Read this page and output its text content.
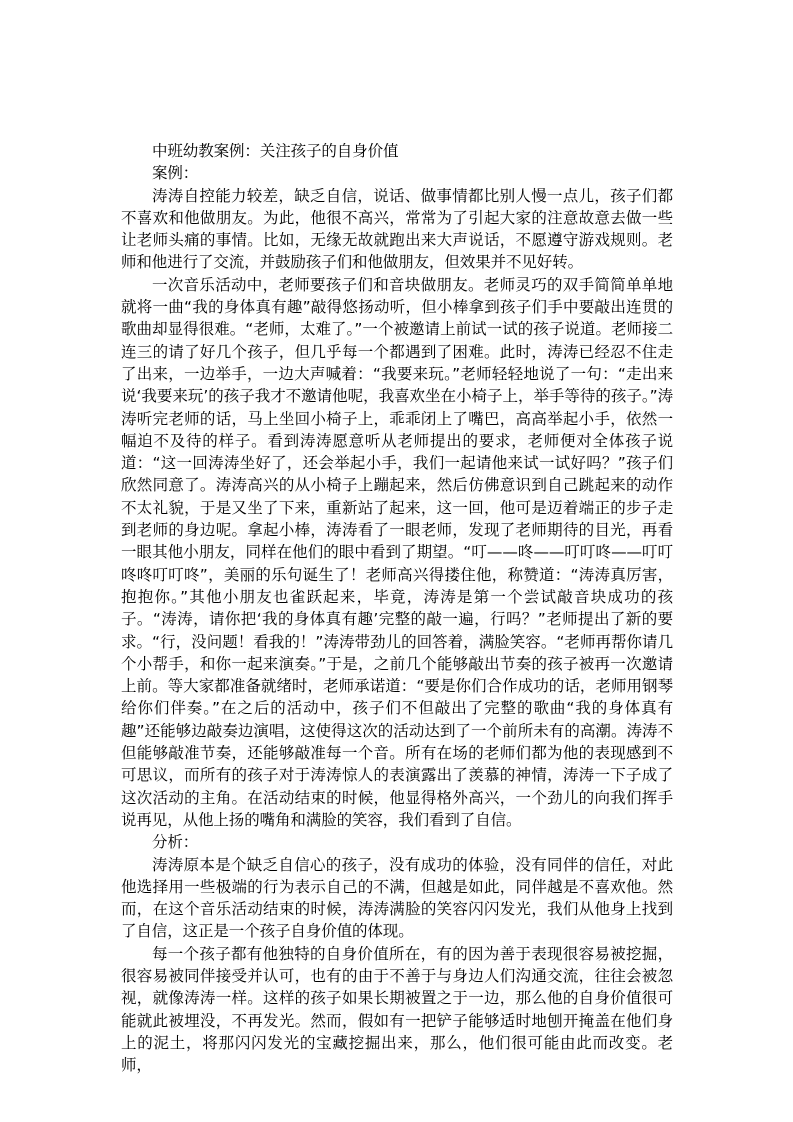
中班幼教案例：关注孩子的自身价值

案例：

涛涛自控能力较差，缺乏自信，说话、做事情都比别人慢一点儿，孩子们都不喜欢和他做朋友。为此，他很不高兴，常常为了引起大家的注意故意去做一些让老师头痛的事情。比如，无缘无故就跑出来大声说话，不愿遵守游戏规则。老师和他进行了交流，并鼓励孩子们和他做朋友，但效果并不见好转。

一次音乐活动中，老师要孩子们和音块做朋友。老师灵巧的双手简简单单地就将一曲“我的身体真有趣”敲得悠扬动听，但小棒拿到孩子们手中要敲出连贯的歌曲却显得很难。“老师，太难了。”一个被邀请上前试一试的孩子说道。老师接二连三的请了好几个孩子，但几乎每一个都遇到了困难。此时，涛涛已经忍不住走了出来，一边举手，一边大声喊着：“我要来玩。”老师轻轻地说了一句：“走出来说‘我要来玩’的孩子我才不邀请他呢，我喜欢坐在小椅子上，举手等待的孩子。”涛涛听完老师的话，马上坐回小椅子上，乖乖闭上了嘴巴，高高举起小手，依然一幅迫不及待的样子。看到涛涛愿意听从老师提出的要求，老师便对全体孩子说道：“这一回涛涛坐好了，还会举起小手，我们一起请他来试一试好吗？”孩子们欣然同意了。涛涛高兴的从小椅子上蹦起来，然后仿佛意识到自己跳起来的动作不太礼貌，于是又坐了下来，重新站了起来，这一回，他可是迈着端正的步子走到老师的身边呢。拿起小棒，涛涛看了一眼老师，发现了老师期待的目光，再看一眼其他小朋友，同样在他们的眼中看到了期望。“叮——咚——叮叮咚——叮叮咚咚叮叮咚”，美丽的乐句诞生了！老师高兴得搂住他，称赞道：“涛涛真厉害，抱抱你。”其他小朋友也雀跃起来，毕竟，涛涛是第一个尝试敲音块成功的孩子。“涛涛，请你把‘我的身体真有趣’完整的敲一遍，行吗？”老师提出了新的要求。“行，没问题！看我的！”涛涛带劲儿的回答着，满脸笑容。“老师再帮你请几个小帮手，和你一起来演奏。”于是，之前几个能够敲出节奏的孩子被再一次邀请上前。等大家都准备就绪时，老师承诺道：“要是你们合作成功的话，老师用钢琴给你们伴奏。”在之后的活动中，孩子们不但敲出了完整的歌曲“我的身体真有趣”还能够边敲奏边演唱，这使得这次的活动达到了一个前所未有的高潮。涛涛不但能够敲准节奏，还能够敲准每一个音。所有在场的老师们都为他的表现感到不可思议，而所有的孩子对于涛涛惊人的表演露出了羡慕的神情，涛涛一下子成了这次活动的主角。在活动结束的时候，他显得格外高兴，一个劲儿的向我们挥手说再见，从他上扬的嘴角和满脸的笑容，我们看到了自信。

分析：

涛涛原本是个缺乏自信心的孩子，没有成功的体验，没有同伴的信任，对此他选择用一些极端的行为表示自己的不满，但越是如此，同伴越是不喜欢他。然而，在这个音乐活动结束的时候，涛涛满脸的笑容闪闪发光，我们从他身上找到了自信，这正是一个孩子自身价值的体现。

每一个孩子都有他独特的自身价值所在，有的因为善于表现很容易被挖掘，很容易被同伴接受并认可，也有的由于不善于与身边人们沟通交流，往往会被忽视，就像涛涛一样。这样的孩子如果长期被置之于一边，那么他的自身价值很可能就此被埋没，不再发光。然而，假如有一把铲子能够适时地刨开掩盖在他们身上的泥土，将那闪闪发光的宝藏挖掘出来，那么，他们很可能由此而改变。老师，
